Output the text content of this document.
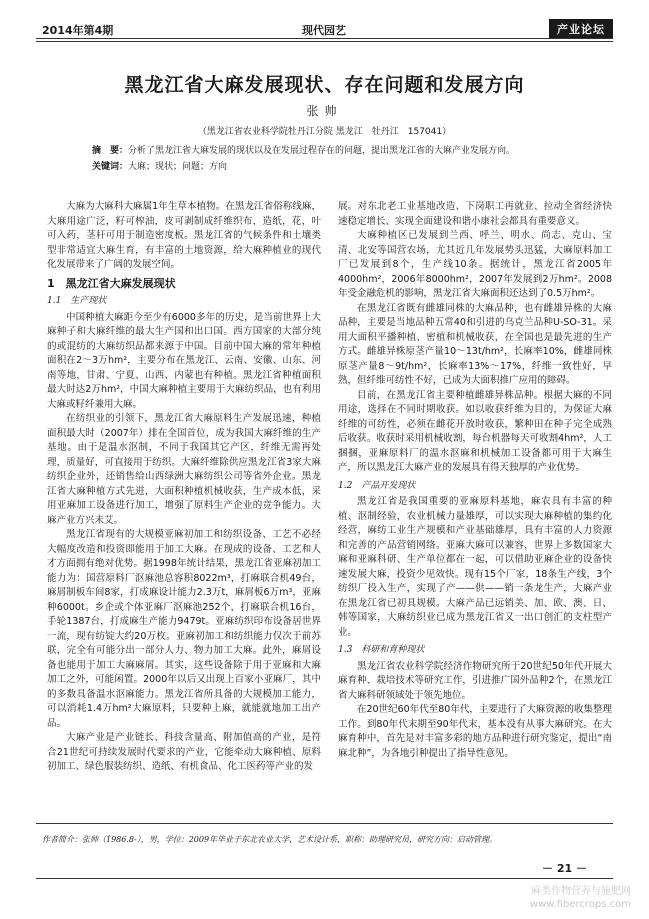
2014年第4期	现代园艺	产业论坛
黑龙江省大麻发展现状、存在问题和发展方向
张帅
（黑龙江省农业科学院牡丹江分院 黑龙江　牡丹江　157041）
摘　要：分析了黑龙江省大麻发展的现状以及在发展过程存在的问题，提出黑龙江省的大麻产业发展方向。
关键词：大麻；现状；问题；方向

大麻为大麻科大麻属1年生草本植物。在黑龙江省俗称线麻，大麻用途广泛，籽可榨油，皮可剥制成纤维织布，造纸，花，叶可入药，茎秆可用于制造密度板。黑龙江省的气候条件和土壤类型非常适宜大麻生育，有丰富的土地资源，给大麻种植业的现代化发展带来了广阔的发展空间。

1　黑龙江省大麻发展现状
1.1　生产现状

中国种植大麻距今至少有6000多年的历史，是当前世界上大麻种子和大麻纤维的最大生产国和出口国。西方国家的大部分纯的或混纺的大麻纺织品都来源于中国。目前中国大麻的常年种植面积在2～3万hm²，主要分布在黑龙江、云南、安徽、山东、河南等地，甘肃、宁夏、山西、内蒙也有种植。黑龙江省种植面积最大时达2万hm²，中国大麻种植主要用于大麻纺织品，也有利用大麻或籽纤兼用大麻。

在纺织业的引领下，黑龙江省大麻原料生产发展迅速，种植面积最大时（2007年）排在全国首位，成为我国大麻纤维的生产基地。由于是温水沤制，不同于我国其它产区，纤维无需再处理，质量好，可直接用于纺织。大麻纤维除供应黑龙江省3家大麻纺织企业外，还销售给山西绿洲大麻纺织公司等省外企业。黑龙江省大麻种植方式先进，大面积种植机械收获，生产成本低，采用亚麻加工设备进行加工，增强了原料生产企业的竞争能力。大麻产业方兴未艾。

黑龙江省现有的大规模亚麻初加工和纺织设备、工艺不必经大幅度改造和投资即能用于加工大麻。在现成的设备、工艺和人才方面拥有绝对优势。据1998年统计结果，黑龙江省亚麻初加工能力为：国营原料厂沤麻池总容积8022m³，打麻联合机49台，麻屑制板车间8家，打成麻设计能力2.3万t，麻屑板6万m³，亚麻种6000t。乡企或个体亚麻厂沤麻池252个，打麻联合机16台，手轮1387台，打成麻生产能力9479t。亚麻纺织印布设备居世界一流，现有纺锭大约20万枚。亚麻初加工和纺织能力仅次于前苏联，完全有可能分出一部分人力、物力加工大麻。此外，麻屑设备也能用于加工大麻麻屑。其实，这些设备除于用于亚麻和大麻加工之外，可能闲置。2000年以后又出现上百家小亚麻厂，其中的多数具备温水沤麻能力。黑龙江省所具备的大规模加工能力，可以消耗1.4万hm²大麻原料，只要种上麻，就能就地加工出产品。

大麻产业是产业链长、科技含量高、附加值高的产业，是符合21世纪可持续发展时代要求的产业，它能牵动大麻种植、原料初加工、绿色服装纺织、造纸、有机食品、化工医药等产业的发

展。对东北老工业基地改造、下岗职工再就业、拉动全省经济快速稳定增长、实现全面建设和谐小康社会都具有重要意义。

大麻种植区已发展到兰西、呼兰、明水、尚志、克山、宝清、北安等国营农场，尤其近几年发展势头迅猛，大麻原料加工厂已发展到8个，生产线10条。据统计，黑龙江省2005年4000hm²，2006年8000hm²，2007年发展到2万hm²。2008年受金融危机的影响，黑龙江省大麻面积还达到了0.5万hm²。

在黑龙江省既有雌雄同株的大麻品种，也有雌雄异株的大麻品种，主要是当地品种五常40和引进的乌克兰品种U-SO-31。采用大面积平播种植、密植和机械收获，在全国也是最先进的生产方式。雌雄异株原茎产量10～13t/hm²，长麻率10%，雌雄同株原茎产量8～9t/hm²，长麻率13%～17%，纤维一致性好，早熟，但纤维可纺性不好，已成为大面积推广应用的障碍。

目前，在黑龙江省主要种植雌雄异株品种。根据大麻的不同用途，选择在不同时期收获。如以收获纤维为目的，为保证大麻纤维的可纺性，必须在雌花开放时收获，繁种田在种子完全成熟后收获。收获时采用机械收割，每台机器每天可收割4hm²，人工捆捆，亚麻原料厂的温水沤麻和机械加工设备都可用于大麻生产，所以黑龙江大麻产业的发展具有得天独厚的产业优势。

1.2　产品开发现状

黑龙江省是我国重要的亚麻原料基地，麻农具有丰富的种植、沤制经验，农业机械力量雄厚，可以实现大麻种植的集约化经营，麻纺工业生产规模和产业基础雄厚，具有丰富的人力资源和完善的产品营销网络。亚麻大麻可以兼容，世界上多数国家大麻和亚麻科研、生产单位都在一起，可以借助亚麻企业的设备快速发展大麻，投资少见效快。现有15个厂家，18条生产线，3个纺织厂投入生产，实现了产——供——销一条龙生产，大麻产业在黑龙江省已初具规模。大麻产品已远销美、加、欧、澳、日、韩等国家，大麻纺织业已成为黑龙江省又一出口创汇的支柱型产业。

1.3　科研和育种现状

黑龙江省农业科学院经济作物研究所于20世纪50年代开展大麻育种、栽培技术等研究工作，引进推广国外品种2个，在黑龙江省大麻科研领域处于领先地位。

在20世纪60年代至80年代，主要进行了大麻资源的收集整理工作。到80年代末期至90年代末，基本没有从事大麻研究。在大麻育种中，首先是对丰富多彩的地方品种进行研究鉴定，提出“南麻北种”，为各地引种提出了指导性意见。

作者简介：张帅（1986.8-），男，学位：2009年毕业于东北农业大学，艺术设计系，职称：助理研究员，研究方向：启动管理。
－ 21 －
麻类作物营养与施肥网
www.fibercrops.com
